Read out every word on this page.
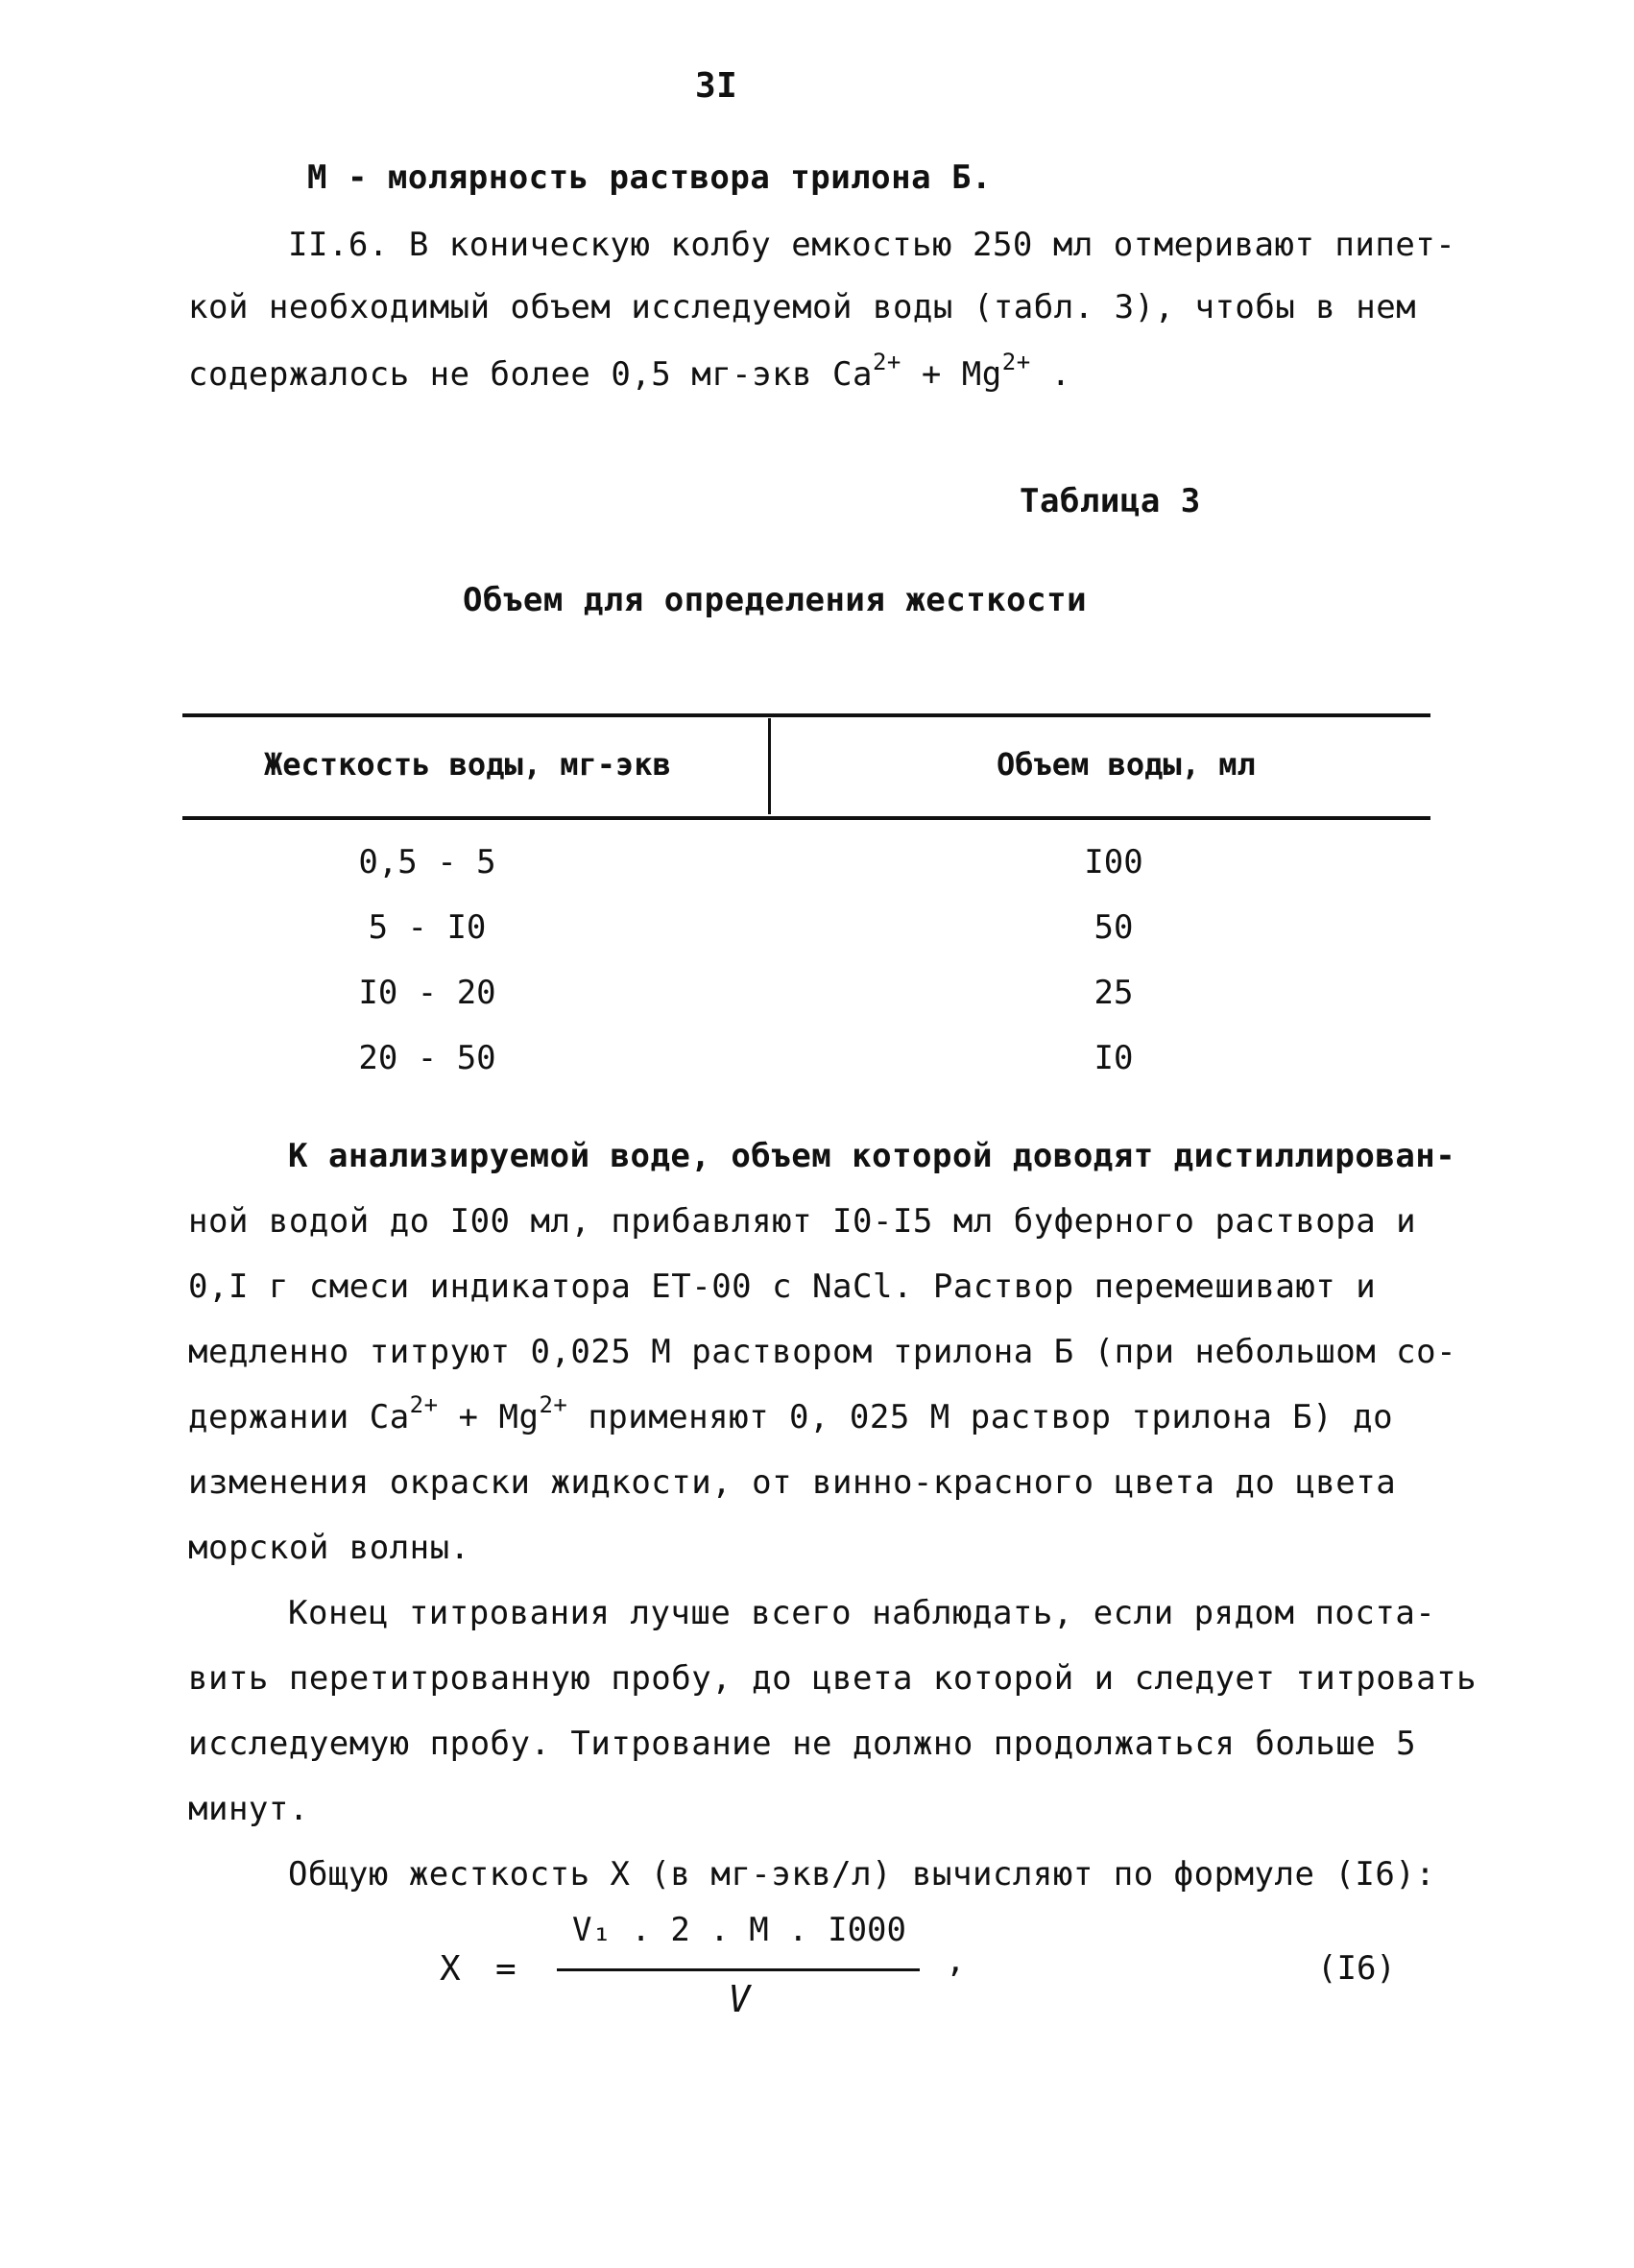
3I
М - молярность раствора трилона Б.
II.6. В коническую колбу емкостью 250 мл отмеривают пипет-
кой необходимый объем исследуемой воды (табл. 3), чтобы в нем
содержалось не более 0,5 мг-экв $Ca^{2+} + Mg^{2+}$ .
Таблица 3
Объем для определения жесткости
Жесткость воды, мг-экв	Объем воды, мл
0,5 - 5	I00
5 - I0	50
I0 - 20	25
20 - 50	I0
К анализируемой воде, объем которой доводят дистиллирован-
ной водой до I00 мл, прибавляют I0-I5 мл буферного раствора и
0,I г смеси индикатора ЕТ-00 с NaCl. Раствор перемешивают и
медленно титруют 0,025 М раствором трилона Б (при небольшом со-
держании $Ca^{2+} + Mg^{2+}$ применяют 0, 025 М раствор трилона Б) до
изменения окраски жидкости, от винно-красного цвета до цвета
морской волны.
Конец титрования лучше всего наблюдать, если рядом поста-
вить перетитрованную пробу, до цвета которой и следует титровать
исследуемую пробу. Титрование не должно продолжаться больше 5
минут.
Общую жесткость X (в мг-экв/л) вычисляют по формуле (I6):
X =
V₁ . 2 . M . I000
V
,	(I6)
